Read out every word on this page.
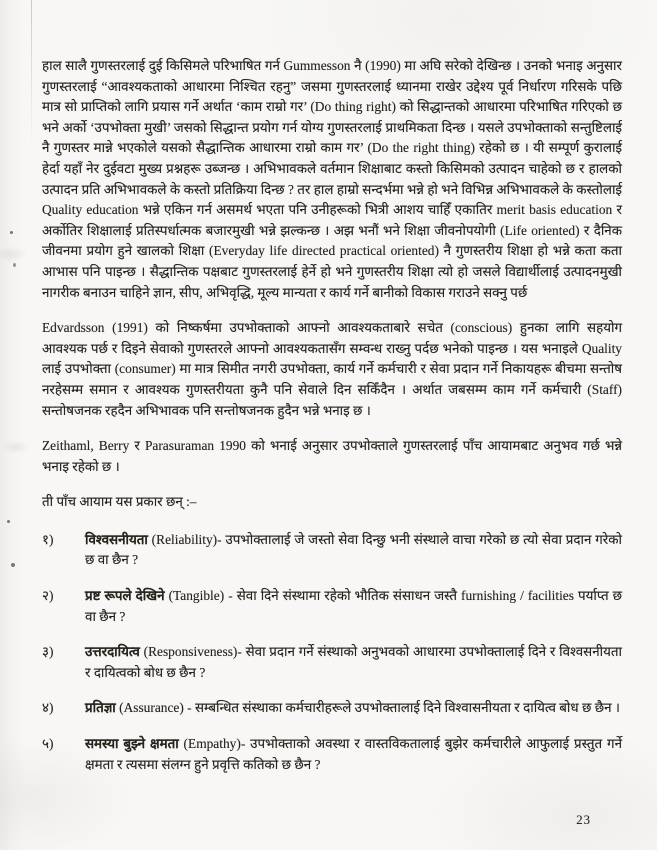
हाल सालै गुणस्तरलाई दुई किसिमले परिभाषित गर्न Gummesson नै (1990) मा अघि सरेको देखिन्छ । उनको भनाइ अनुसार गुणस्तरलाई “आवश्यकताको आधारमा निश्चित रहनु” जसमा गुणस्तरलाई ध्यानमा राखेर उद्देश्य पूर्व निर्धारण गरिसके पछि मात्र सो प्राप्तिको लागि प्रयास गर्ने अर्थात ‘काम राम्रो गर’ (Do thing right) को सिद्धान्तको आधारमा परिभाषित गरिएको छ भने अर्को ‘उपभोक्ता मुखी’ जसको सिद्धान्त प्रयोग गर्न योग्य गुणस्तरलाई प्राथमिकता दिन्छ । यसले उपभोक्ताको सन्तुष्टिलाई नै गुणस्तर मान्ने भएकोले यसको सैद्धान्तिक आधारमा राम्रो काम गर’ (Do the right thing) रहेको छ । यी सम्पूर्ण कुरालाई हेर्दा यहाँ नेर दुईवटा मुख्य प्रश्नहरू उब्जन्छ । अभिभावकले वर्तमान शिक्षाबाट कस्तो किसिमको उत्पादन चाहेको छ र हालको उत्पादन प्रति अभिभावकले के कस्तो प्रतिक्रिया दिन्छ ? तर हाल हाम्रो सन्दर्भमा भन्ने हो भने विभिन्न अभिभावकले के कस्तोलाई Quality education भन्ने एकिन गर्न असमर्थ भएता पनि उनीहरूको भित्री आशय चाहिँ एकातिर merit basis education र अर्कोतिर शिक्षालाई प्रतिस्पर्धात्मक बजारमुखी भन्ने झल्कन्छ । अझ भनौं भने शिक्षा जीवनोपयोगी (Life oriented) र दैनिक जीवनमा प्रयोग हुने खालको शिक्षा (Everyday life directed practical oriented) नै गुणस्तरीय शिक्षा हो भन्ने कता कता आभास पनि पाइन्छ । सैद्धान्तिक पक्षबाट गुणस्तरलाई हेर्ने हो भने गुणस्तरीय शिक्षा त्यो हो जसले विद्यार्थीलाई उत्पादनमुखी नागरीक बनाउन चाहिने ज्ञान, सीप, अभिवृद्धि, मूल्य मान्यता र कार्य गर्ने बानीको विकास गराउने सक्नु पर्छ

Edvardsson (1991) को निष्कर्षमा उपभोक्ताको आफ्नो आवश्यकताबारे सचेत (conscious) हुनका लागि सहयोग आवश्यक पर्छ र दिइने सेवाको गुणस्तरले आफ्नो आवश्यकतासँग सम्वन्ध राख्नु पर्दछ भनेको पाइन्छ । यस भनाइले Quality लाई उपभोक्ता (consumer) मा मात्र सिमीत नगरी उपभोक्ता, कार्य गर्ने कर्मचारी र सेवा प्रदान गर्ने निकायहरू बीचमा सन्तोष नरहेसम्म समान र आवश्यक गुणस्तरीयता कुनै पनि सेवाले दिन सकिँदैन । अर्थात जबसम्म काम गर्ने कर्मचारी (Staff) सन्तोषजनक रहदैन अभिभावक पनि सन्तोषजनक हुदैन भन्ने भनाइ छ ।

Zeithaml, Berry र Parasuraman 1990 को भनाई अनुसार उपभोक्ताले गुणस्तरलाई पाँच आयामबाट अनुभव गर्छ भन्ने भनाइ रहेको छ ।

ती पाँच आयाम यस प्रकार छन् :–

१)	विश्वसनीयता (Reliability)- उपभोक्तालाई जे जस्तो सेवा दिन्छु भनी संस्थाले वाचा गरेको छ त्यो सेवा प्रदान गरेको छ वा छैन ?
२)	प्रष्ट रूपले देखिने (Tangible) - सेवा दिने संस्थामा रहेको भौतिक संसाधन जस्तै furnishing / facilities पर्याप्त छ वा छैन ?
३)	उत्तरदायित्व (Responsiveness)- सेवा प्रदान गर्ने संस्थाको अनुभवको आधारमा उपभोक्तालाई दिने र विश्वसनीयता र दायित्वको बोध छ छैन ?
४)	प्रतिज्ञा (Assurance) - सम्बन्धित संस्थाका कर्मचारीहरूले उपभोक्तालाई दिने विश्वासनीयता र दायित्व बोध छ छैन ।
५)	समस्या बुझ्ने क्षमता (Empathy)- उपभोक्ताको अवस्था र वास्तविकतालाई बुझेर कर्मचारीले आफुलाई प्रस्तुत गर्ने क्षमता र त्यसमा संलग्न हुने प्रवृत्ति कतिको छ छैन ?
23
